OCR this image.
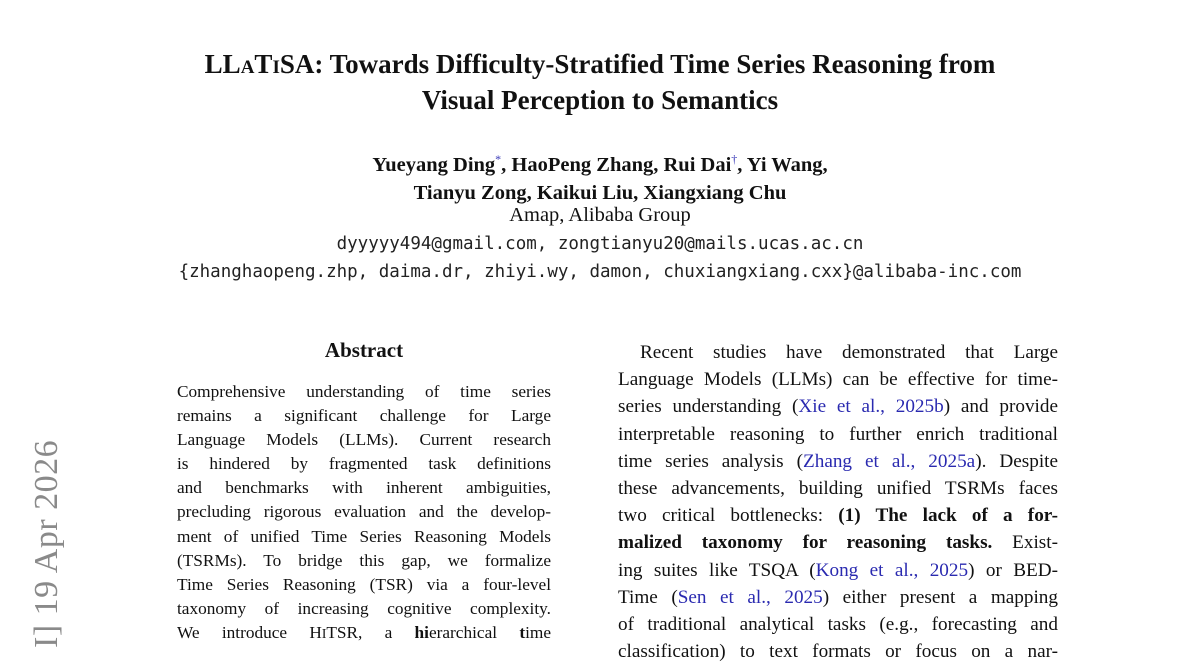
I] 19 Apr 2026
LLATISA: Towards Difficulty-Stratified Time Series Reasoning from
Visual Perception to Semantics
Yueyang Ding*, HaoPeng Zhang, Rui Dai†, Yi Wang,
Tianyu Zong, Kaikui Liu, Xiangxiang Chu
Amap, Alibaba Group
dyyyyy494@gmail.com, zongtianyu20@mails.ucas.ac.cn
{zhanghaopeng.zhp, daima.dr, zhiyi.wy, damon, chuxiangxiang.cxx}@alibaba-inc.com
Abstract
Comprehensive understanding of time series
remains a significant challenge for Large
Language Models (LLMs). Current research
is hindered by fragmented task definitions
and benchmarks with inherent ambiguities,
precluding rigorous evaluation and the develop-
ment of unified Time Series Reasoning Models
(TSRMs). To bridge this gap, we formalize
Time Series Reasoning (TSR) via a four-level
taxonomy of increasing cognitive complexity.
We introduce HITSR, a hierarchical time
Recent studies have demonstrated that Large
Language Models (LLMs) can be effective for time-
series understanding (Xie et al., 2025b) and provide
interpretable reasoning to further enrich traditional
time series analysis (Zhang et al., 2025a). Despite
these advancements, building unified TSRMs faces
two critical bottlenecks: (1) The lack of a for-
malized taxonomy for reasoning tasks. Exist-
ing suites like TSQA (Kong et al., 2025) or BED-
Time (Sen et al., 2025) either present a mapping
of traditional analytical tasks (e.g., forecasting and
classification) to text formats or focus on a nar-
